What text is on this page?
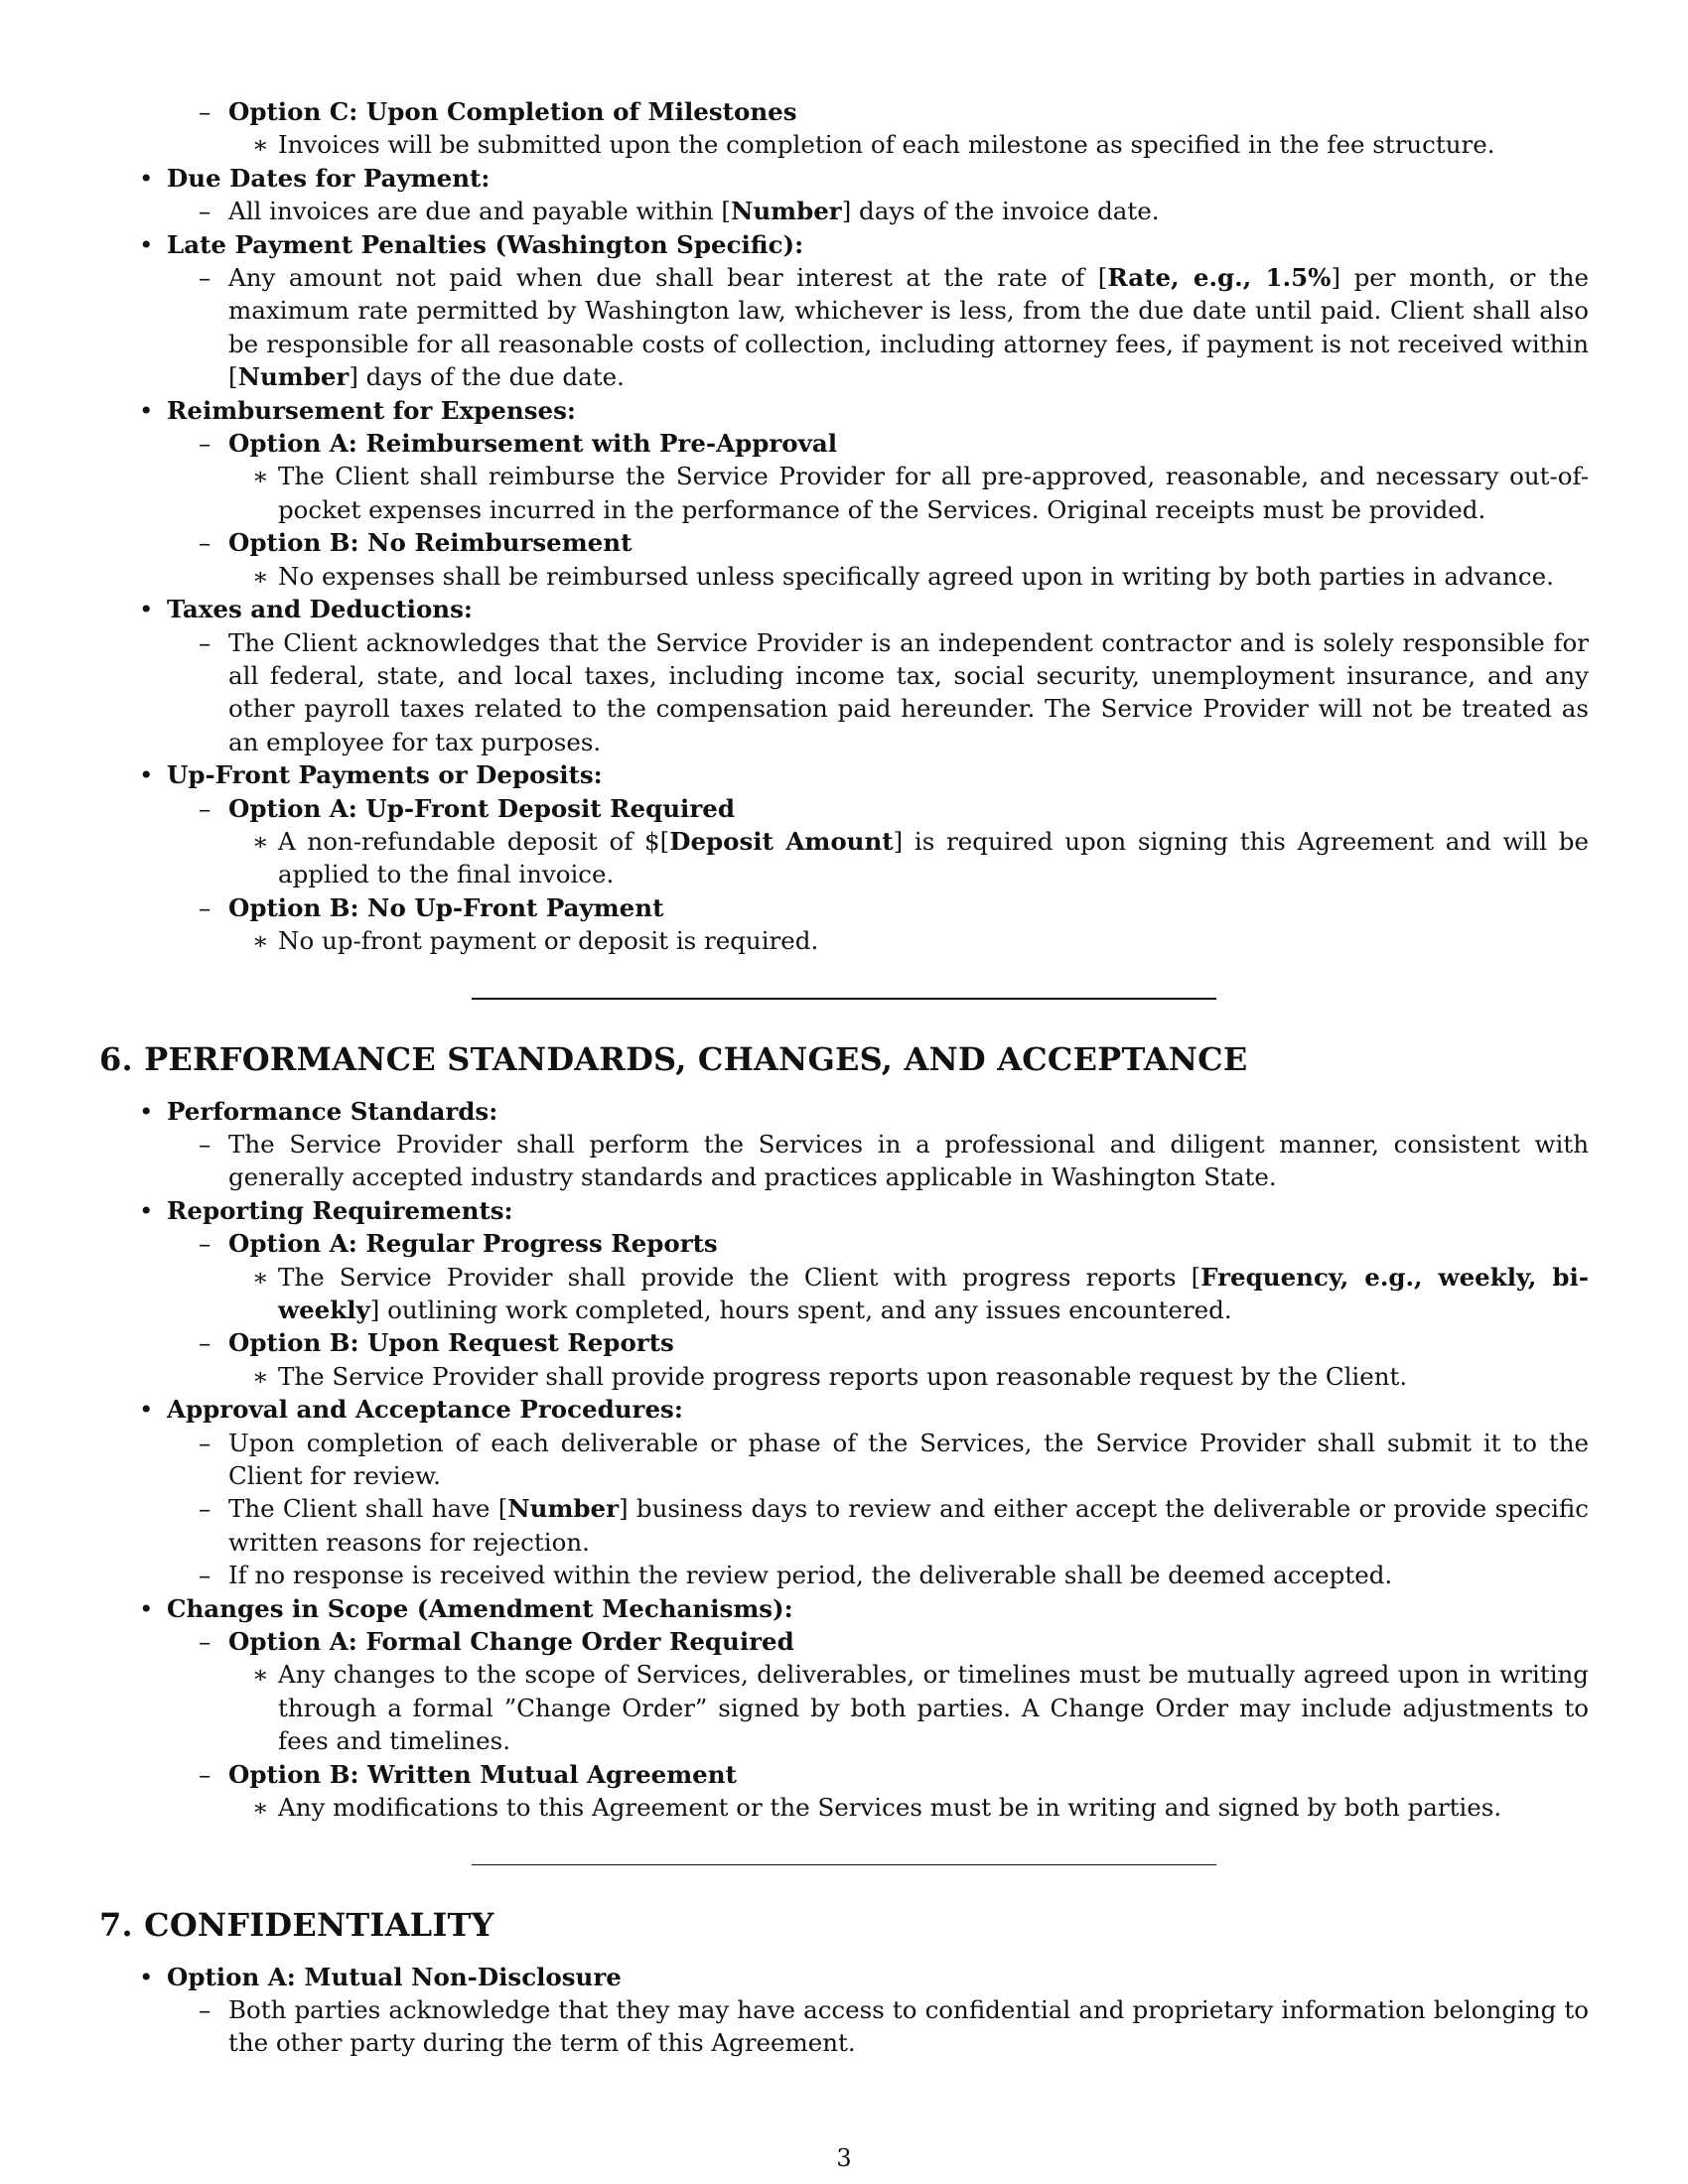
– Option C: Upon Completion of Milestones
∗ Invoices will be submitted upon the completion of each milestone as specified in the fee structure.
• Due Dates for Payment:
– All invoices are due and payable within [Number] days of the invoice date.
• Late Payment Penalties (Washington Specific):
– Any amount not paid when due shall bear interest at the rate of [Rate, e.g., 1.5%] per month, or the maximum rate permitted by Washington law, whichever is less, from the due date until paid. Client shall also be responsible for all reasonable costs of collection, including attorney fees, if payment is not received within [Number] days of the due date.
• Reimbursement for Expenses:
– Option A: Reimbursement with Pre-Approval
∗ The Client shall reimburse the Service Provider for all pre-approved, reasonable, and necessary out-of-pocket expenses incurred in the performance of the Services. Original receipts must be provided.
– Option B: No Reimbursement
∗ No expenses shall be reimbursed unless specifically agreed upon in writing by both parties in advance.
• Taxes and Deductions:
– The Client acknowledges that the Service Provider is an independent contractor and is solely responsible for all federal, state, and local taxes, including income tax, social security, unemployment insurance, and any other payroll taxes related to the compensation paid hereunder. The Service Provider will not be treated as an employee for tax purposes.
• Up-Front Payments or Deposits:
– Option A: Up-Front Deposit Required
∗ A non-refundable deposit of $[Deposit Amount] is required upon signing this Agreement and will be applied to the final invoice.
– Option B: No Up-Front Payment
∗ No up-front payment or deposit is required.
6. PERFORMANCE STANDARDS, CHANGES, AND ACCEPTANCE
• Performance Standards:
– The Service Provider shall perform the Services in a professional and diligent manner, consistent with generally accepted industry standards and practices applicable in Washington State.
• Reporting Requirements:
– Option A: Regular Progress Reports
∗ The Service Provider shall provide the Client with progress reports [Frequency, e.g., weekly, bi-weekly] outlining work completed, hours spent, and any issues encountered.
– Option B: Upon Request Reports
∗ The Service Provider shall provide progress reports upon reasonable request by the Client.
• Approval and Acceptance Procedures:
– Upon completion of each deliverable or phase of the Services, the Service Provider shall submit it to the Client for review.
– The Client shall have [Number] business days to review and either accept the deliverable or provide specific written reasons for rejection.
– If no response is received within the review period, the deliverable shall be deemed accepted.
• Changes in Scope (Amendment Mechanisms):
– Option A: Formal Change Order Required
∗ Any changes to the scope of Services, deliverables, or timelines must be mutually agreed upon in writing through a formal ”Change Order” signed by both parties. A Change Order may include adjustments to fees and timelines.
– Option B: Written Mutual Agreement
∗ Any modifications to this Agreement or the Services must be in writing and signed by both parties.
7. CONFIDENTIALITY
• Option A: Mutual Non-Disclosure
– Both parties acknowledge that they may have access to confidential and proprietary information belonging to the other party during the term of this Agreement.
3
